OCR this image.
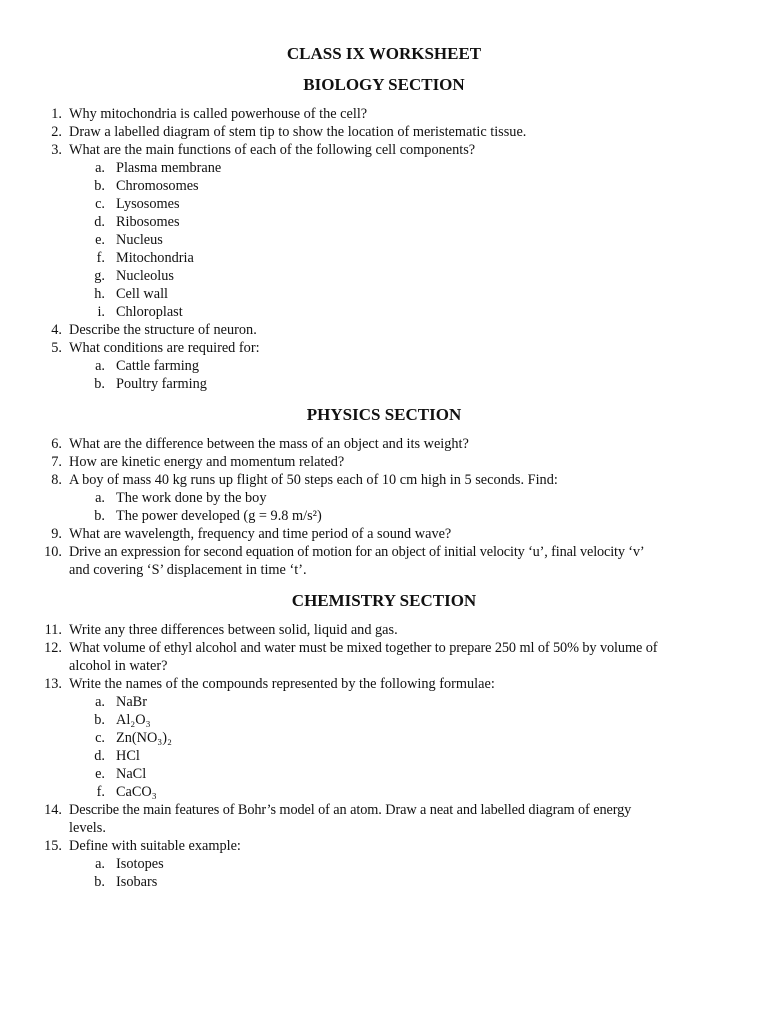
CLASS IX WORKSHEET
BIOLOGY SECTION
1. Why mitochondria is called powerhouse of the cell?
2. Draw a labelled diagram of stem tip to show the location of meristematic tissue.
3. What are the main functions of each of the following cell components?
a. Plasma membrane
b. Chromosomes
c. Lysosomes
d. Ribosomes
e. Nucleus
f. Mitochondria
g. Nucleolus
h. Cell wall
i. Chloroplast
4. Describe the structure of neuron.
5. What conditions are required for:
a. Cattle farming
b. Poultry farming
PHYSICS SECTION
6. What are the difference between the mass of an object and its weight?
7. How are kinetic energy and momentum related?
8. A boy of mass 40 kg runs up flight of 50 steps each of 10 cm high in 5 seconds. Find:
a. The work done by the boy
b. The power developed (g = 9.8 m/s²)
9. What are wavelength, frequency and time period of a sound wave?
10. Drive an expression for second equation of motion for an object of initial velocity ‘u’, final velocity ‘v’
and covering ‘S’ displacement in time ‘t’.
CHEMISTRY SECTION
11. Write any three differences between solid, liquid and gas.
12. What volume of ethyl alcohol and water must be mixed together to prepare 250 ml of 50% by volume of
alcohol in water?
13. Write the names of the compounds represented by the following formulae:
a. NaBr
b. Al₂O₃
c. Zn(NO₃)₂
d. HCl
e. NaCl
f. CaCO₃
14. Describe the main features of Bohr’s model of an atom. Draw a neat and labelled diagram of energy
levels.
15. Define with suitable example:
a. Isotopes
b. Isobars
